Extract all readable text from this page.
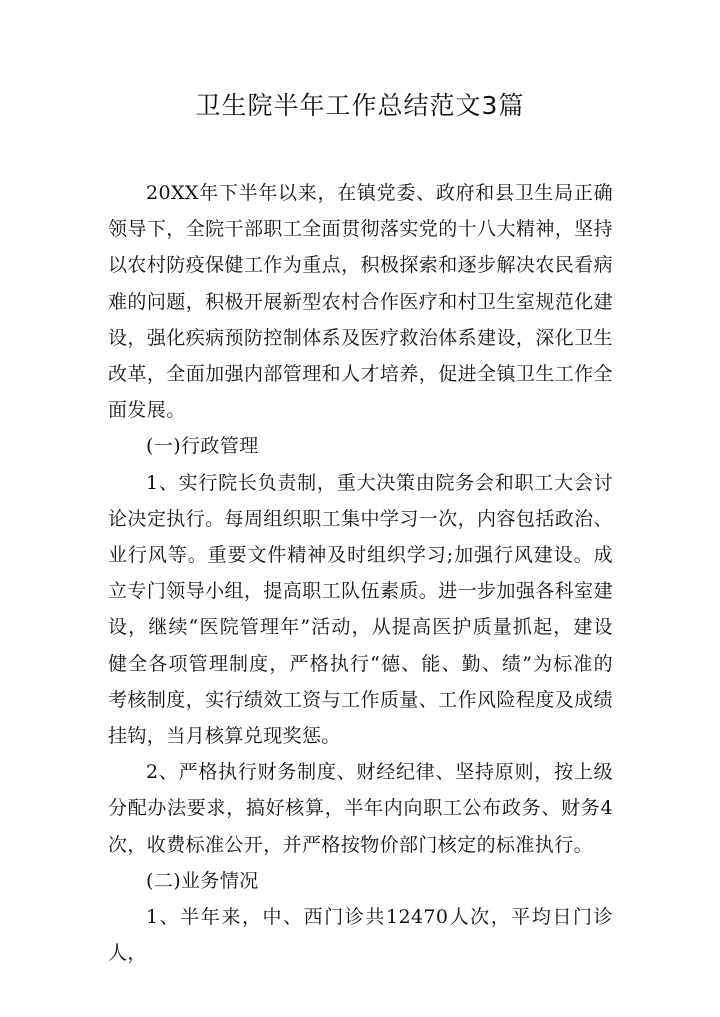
卫生院半年工作总结范文3篇

20XX年下半年以来，在镇党委、政府和县卫生局正确领导下，全院干部职工全面贯彻落实党的十八大精神，坚持以农村防疫保健工作为重点，积极探索和逐步解决农民看病难的问题，积极开展新型农村合作医疗和村卫生室规范化建设，强化疾病预防控制体系及医疗救治体系建设，深化卫生改革，全面加强内部管理和人才培养，促进全镇卫生工作全面发展。

(一)行政管理

1、实行院长负责制，重大决策由院务会和职工大会讨论决定执行。每周组织职工集中学习一次，内容包括政治、业行风等。重要文件精神及时组织学习;加强行风建设。成立专门领导小组，提高职工队伍素质。进一步加强各科室建设，继续“医院管理年”活动，从提高医护质量抓起，建设健全各项管理制度，严格执行“德、能、勤、绩”为标准的考核制度，实行绩效工资与工作质量、工作风险程度及成绩挂钩，当月核算兑现奖惩。

2、严格执行财务制度、财经纪律、坚持原则，按上级分配办法要求，搞好核算，半年内向职工公布政务、财务4次，收费标准公开，并严格按物价部门核定的标准执行。

(二)业务情况

1、半年来，中、西门诊共12470人次，平均日门诊人，
